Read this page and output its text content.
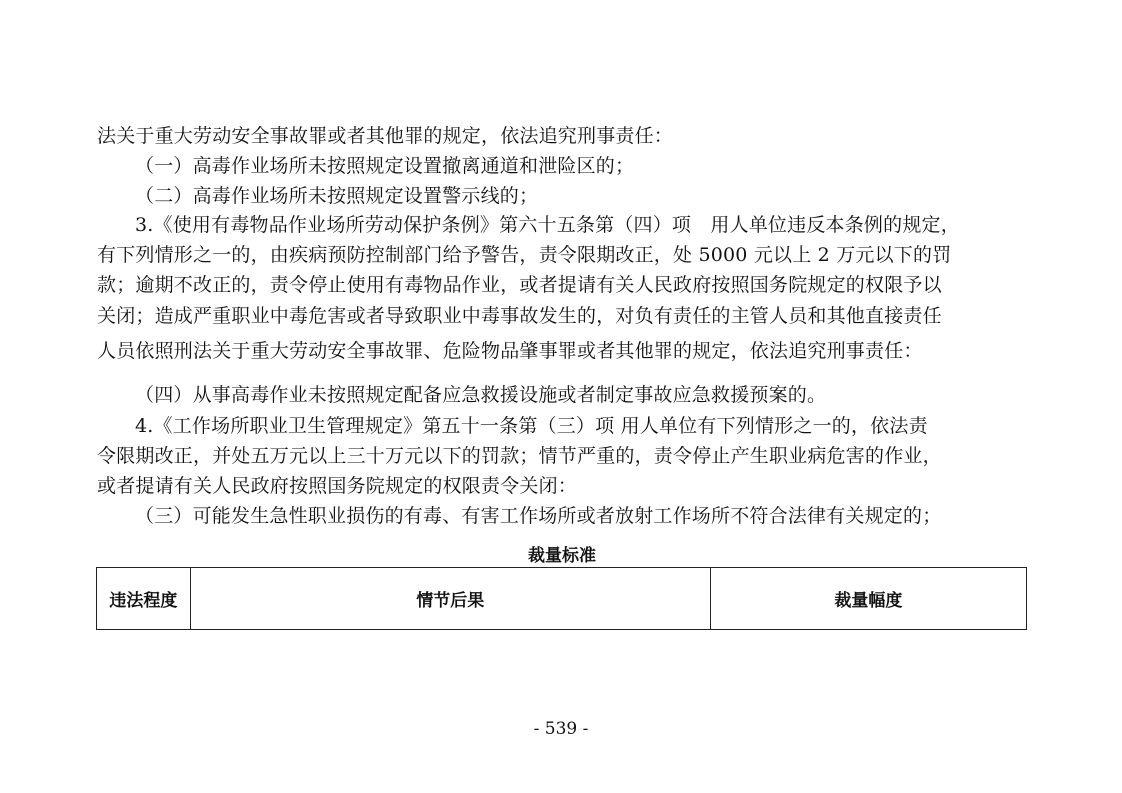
法关于重大劳动安全事故罪或者其他罪的规定，依法追究刑事责任：
（一）高毒作业场所未按照规定设置撤离通道和泄险区的；
（二）高毒作业场所未按照规定设置警示线的；
3.《使用有毒物品作业场所劳动保护条例》第六十五条第（四）项　用人单位违反本条例的规定，
有下列情形之一的，由疾病预防控制部门给予警告，责令限期改正，处 5000 元以上 2 万元以下的罚
款；逾期不改正的，责令停止使用有毒物品作业，或者提请有关人民政府按照国务院规定的权限予以
关闭；造成严重职业中毒危害或者导致职业中毒事故发生的，对负有责任的主管人员和其他直接责任
人员依照刑法关于重大劳动安全事故罪、危险物品肇事罪或者其他罪的规定，依法追究刑事责任：
（四）从事高毒作业未按照规定配备应急救援设施或者制定事故应急救援预案的。
4.《工作场所职业卫生管理规定》第五十一条第（三）项 用人单位有下列情形之一的，依法责
令限期改正，并处五万元以上三十万元以下的罚款；情节严重的，责令停止产生职业病危害的作业，
或者提请有关人民政府按照国务院规定的权限责令关闭：
（三）可能发生急性职业损伤的有毒、有害工作场所或者放射工作场所不符合法律有关规定的；
裁量标准
违法程度	情节后果	裁量幅度
- 539 -
